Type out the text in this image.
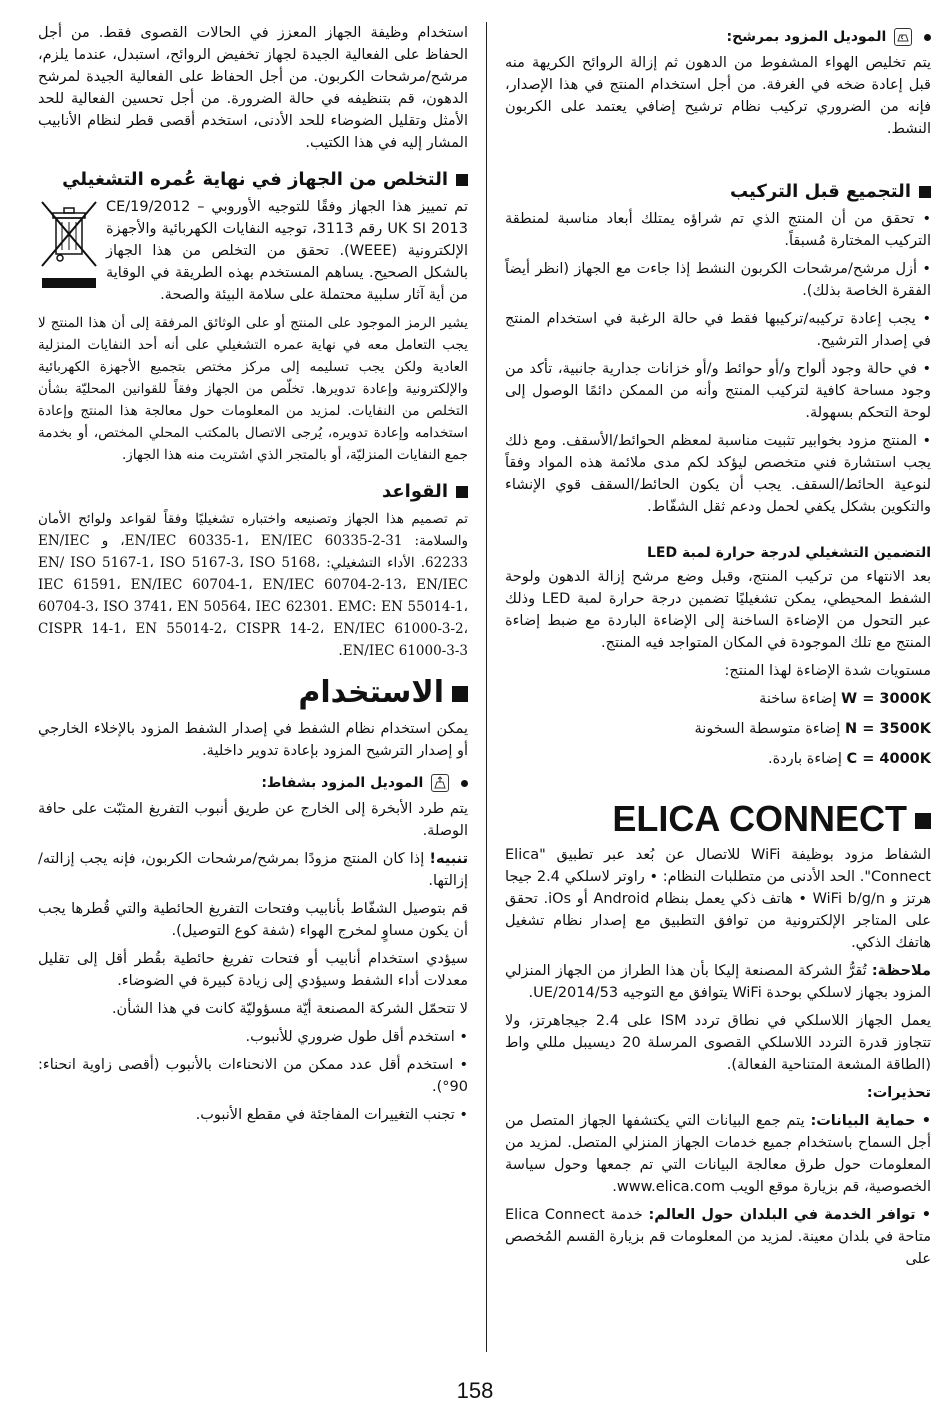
الموديل المزود بمرشح:

يتم تخليص الهواء المشفوط من الدهون ثم إزالة الروائح الكريهة منه قبل إعادة ضخه في الغرفة. من أجل استخدام المنتج في هذا الإصدار، فإنه من الضروري تركيب نظام ترشيح إضافي يعتمد على الكربون النشط.

التجميع قبل التركيب

• تحقق من أن المنتج الذي تم شراؤه يمتلك أبعاد مناسبة لمنطقة التركيب المختارة مُسبقاً.

• أزل مرشح/مرشحات الكربون النشط إذا جاءت مع الجهاز (انظر أيضاً الفقرة الخاصة بذلك).

• يجب إعادة تركيبه/تركيبها فقط في حالة الرغبة في استخدام المنتج في إصدار الترشيح.

• في حالة وجود ألواح و/أو حوائط و/أو خزانات جدارية جانبية، تأكد من وجود مساحة كافية لتركيب المنتج وأنه من الممكن دائمًا الوصول إلى لوحة التحكم بسهولة.

• المنتج مزود بخوابير تثبيت مناسبة لمعظم الحوائط/الأسقف. ومع ذلك يجب استشارة فني متخصص ليؤكد لكم مدى ملائمة هذه المواد وفقاً لنوعية الحائط/السقف. يجب أن يكون الحائط/السقف قوي الإنشاء والتكوين بشكل يكفي لحمل ودعم ثقل الشفّاط.

التضمين التشغيلي لدرجة حرارة لمبة LED

بعد الانتهاء من تركيب المنتج، وقبل وضع مرشح إزالة الدهون ولوحة الشفط المحيطي، يمكن تشغيليًا تضمين درجة حرارة لمبة LED وذلك عبر التحول من الإضاءة الساخنة إلى الإضاءة الباردة مع ضبط إضاءة المنتج مع تلك الموجودة في المكان المتواجد فيه المنتج.

مستويات شدة الإضاءة لهذا المنتج:

W = 3000K إضاءة ساخنة

N = 3500K إضاءة متوسطة السخونة

C = 4000K إضاءة باردة.

ELICA CONNECT

الشفاط مزود بوظيفة WiFi للاتصال عن بُعد عبر تطبيق "Elica Connect". الحد الأدنى من متطلبات النظام: • راوتر لاسلكي 2.4 جيجا هرتز و WiFi b/g/n • هاتف ذكي يعمل بنظام Android أو iOs. تحقق على المتاجر الإلكترونية من توافق التطبيق مع إصدار نظام تشغيل هاتفك الذكي.

ملاحظة: تُقرُّ الشركة المصنعة إليكا بأن هذا الطراز من الجهاز المنزلي المزود بجهاز لاسلكي بوحدة WiFi يتوافق مع التوجيه UE/2014/53.

يعمل الجهاز اللاسلكي في نطاق تردد ISM على 2.4 جيجاهرتز، ولا تتجاوز قدرة التردد اللاسلكي القصوى المرسلة 20 ديسيبل مللي واط (الطاقة المشعة المتناحية الفعالة).

تحذيرات:

• حماية البيانات: يتم جمع البيانات التي يكتشفها الجهاز المتصل من أجل السماح باستخدام جميع خدمات الجهاز المنزلي المتصل. لمزيد من المعلومات حول طرق معالجة البيانات التي تم جمعها وحول سياسة الخصوصية، قم بزيارة موقع الويب www.elica.com.

• توافر الخدمة في البلدان حول العالم: خدمة Elica Connect متاحة في بلدان معينة. لمزيد من المعلومات قم بزيارة القسم المُخصص على

استخدام وظيفة الجهاز المعزز في الحالات القصوى فقط. من أجل الحفاظ على الفعالية الجيدة لجهاز تخفيض الروائح، استبدل، عندما يلزم، مرشح/مرشحات الكربون. من أجل الحفاظ على الفعالية الجيدة لمرشح الدهون، قم بتنظيفه في حالة الضرورة. من أجل تحسين الفعالية للحد الأمثل وتقليل الضوضاء للحد الأدنى، استخدم أقصى قطر لنظام الأنابيب المشار إليه في هذا الكتيب.

التخلص من الجهاز في نهاية عُمره التشغيلي

تم تمييز هذا الجهاز وفقًا للتوجيه الأوروبي CE/19/2012 – UK SI 2013 رقم 3113، توجيه النفايات الكهربائية والأجهزة الإلكترونية (WEEE). تحقق من التخلص من هذا الجهاز بالشكل الصحيح. يساهم المستخدم بهذه الطريقة في الوقاية من أية آثار سلبية محتملة على سلامة البيئة والصحة.

يشير الرمز الموجود على المنتج أو على الوثائق المرفقة إلى أن هذا المنتج لا يجب التعامل معه في نهاية عمره التشغيلي على أنه أحد النفايات المنزلية العادية ولكن يجب تسليمه إلى مركز مختص بتجميع الأجهزة الكهربائية والإلكترونية وإعادة تدويرها. تخلّص من الجهاز وفقاً للقوانين المحليّة بشأن التخلص من النفايات. لمزيد من المعلومات حول معالجة هذا المنتج وإعادة استخدامه وإعادة تدويره، يُرجى الاتصال بالمكتب المحلي المختص، أو بخدمة جمع النفايات المنزليّة، أو بالمتجر الذي اشتريت منه هذا الجهاز.

القواعد

تم تصميم هذا الجهاز وتصنيعه واختباره تشغيليًا وفقاً لقواعد ولوائح الأمان والسلامة: EN/IEC 60335-1، EN/IEC 60335-2-31، و EN/IEC 62233. الأداء التشغيلي: EN/ ISO 5167-1، ISO 5167-3، ISO 5168، IEC 61591، EN/IEC 60704-1، EN/IEC 60704-2-13، EN/IEC 60704-3، ISO 3741، EN 50564، IEC 62301. EMC: EN 55014-1، CISPR 14-1، EN 55014-2، CISPR 14-2، EN/IEC 61000-3-2، EN/IEC 61000-3-3.

الاستخدام

يمكن استخدام نظام الشفط في إصدار الشفط المزود بالإخلاء الخارجي أو إصدار الترشيح المزود بإعادة تدوير داخلية.

الموديل المزود بشفاط:

يتم طرد الأبخرة إلى الخارج عن طريق أنبوب التفريغ المثبّت على حافة الوصلة.

تنبيه! إذا كان المنتج مزودًا بمرشح/مرشحات الكربون، فإنه يجب إزالته/إزالتها.

قم بتوصيل الشفّاط بأنابيب وفتحات التفريغ الحائطية والتي قُطرها يجب أن يكون مساوٍ لمخرج الهواء (شفة كوع التوصيل).

سيؤدي استخدام أنابيب أو فتحات تفريغ حائطية بقُطر أقل إلى تقليل معدلات أداء الشفط وسيؤدي إلى زيادة كبيرة في الضوضاء.

لا تتحمّل الشركة المصنعة أيّة مسؤوليّة كانت في هذا الشأن.

• استخدم أقل طول ضروري للأنبوب.

• استخدم أقل عدد ممكن من الانحناءات بالأنبوب (أقصى زاوية انحناء: 90°).

• تجنب التغييرات المفاجئة في مقطع الأنبوب.

158
